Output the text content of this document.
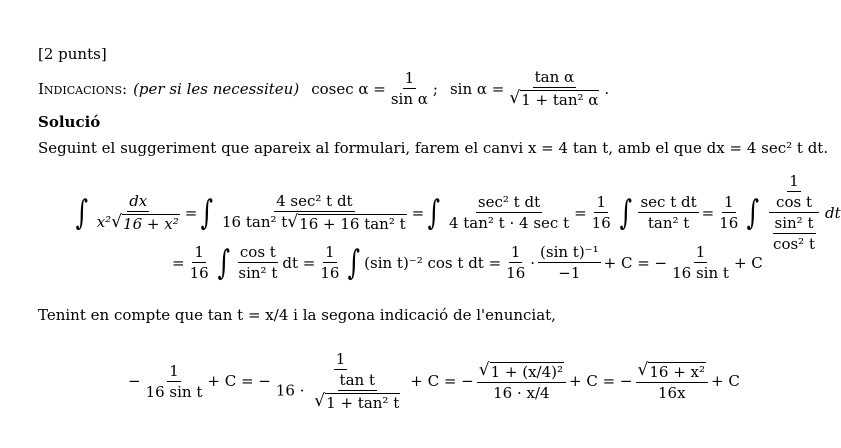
[2 punts]
Indicacions: (per si les necessiteu) cosec $\alpha = \frac{1}{\text{sin α}}$ ; $\sin \alpha = \frac{\text{tan α}}{\text{√ 1 + tan² α}}$ .
Solució
Seguint el suggeriment que apareix al formulari, farem el canvi x = 4 tan t, amb el que dx = 4 sec² t dt.
∫ $\frac{dx}{\text{x² √ 16 + x²}}$ = ∫ $\frac{\text{4 sec² t dt}}{\text{16 tan² t √ 16 + 16 tan² t}}$ = ∫ $\frac{\text{sec² t dt}}{\text{4 tan² t · 4 sec t}} = \frac{1}{16}$ ∫ $\frac{\text{sec t dt}}{\text{tan² t}} = \frac{1}{16}$ ∫ $\frac{\frac{1}{\text{cos t}}}{\frac{\text{sin² t}}{\text{cos² t}}}$ dt
= $\frac{1}{16}$ ∫ $\frac{\text{cos t}}{\text{sin² t}}$ dt = $\frac{1}{16}$ ∫ (sin t)⁻² cos t dt = $\frac{1}{16} \cdot \frac{\text{(sin t)⁻¹}}{-1} + C$ = − $\frac{1}{\text{16 sin t}} + C$
Tenint en compte que tan t = x/4 i la segona indicació de l'enunciat,
− $\frac{1}{\text{16 sin t}} + C$ = − $\frac{1}{16 \cdot \frac{\text{tan t}}{\text{√ 1 + tan² t}}} + C$ = − $\frac{\text{√ 1 + (x/4)²}}{16 \cdot x/4} + C$ = − $\frac{\text{√ 16 + x²}}{16x} + C$
